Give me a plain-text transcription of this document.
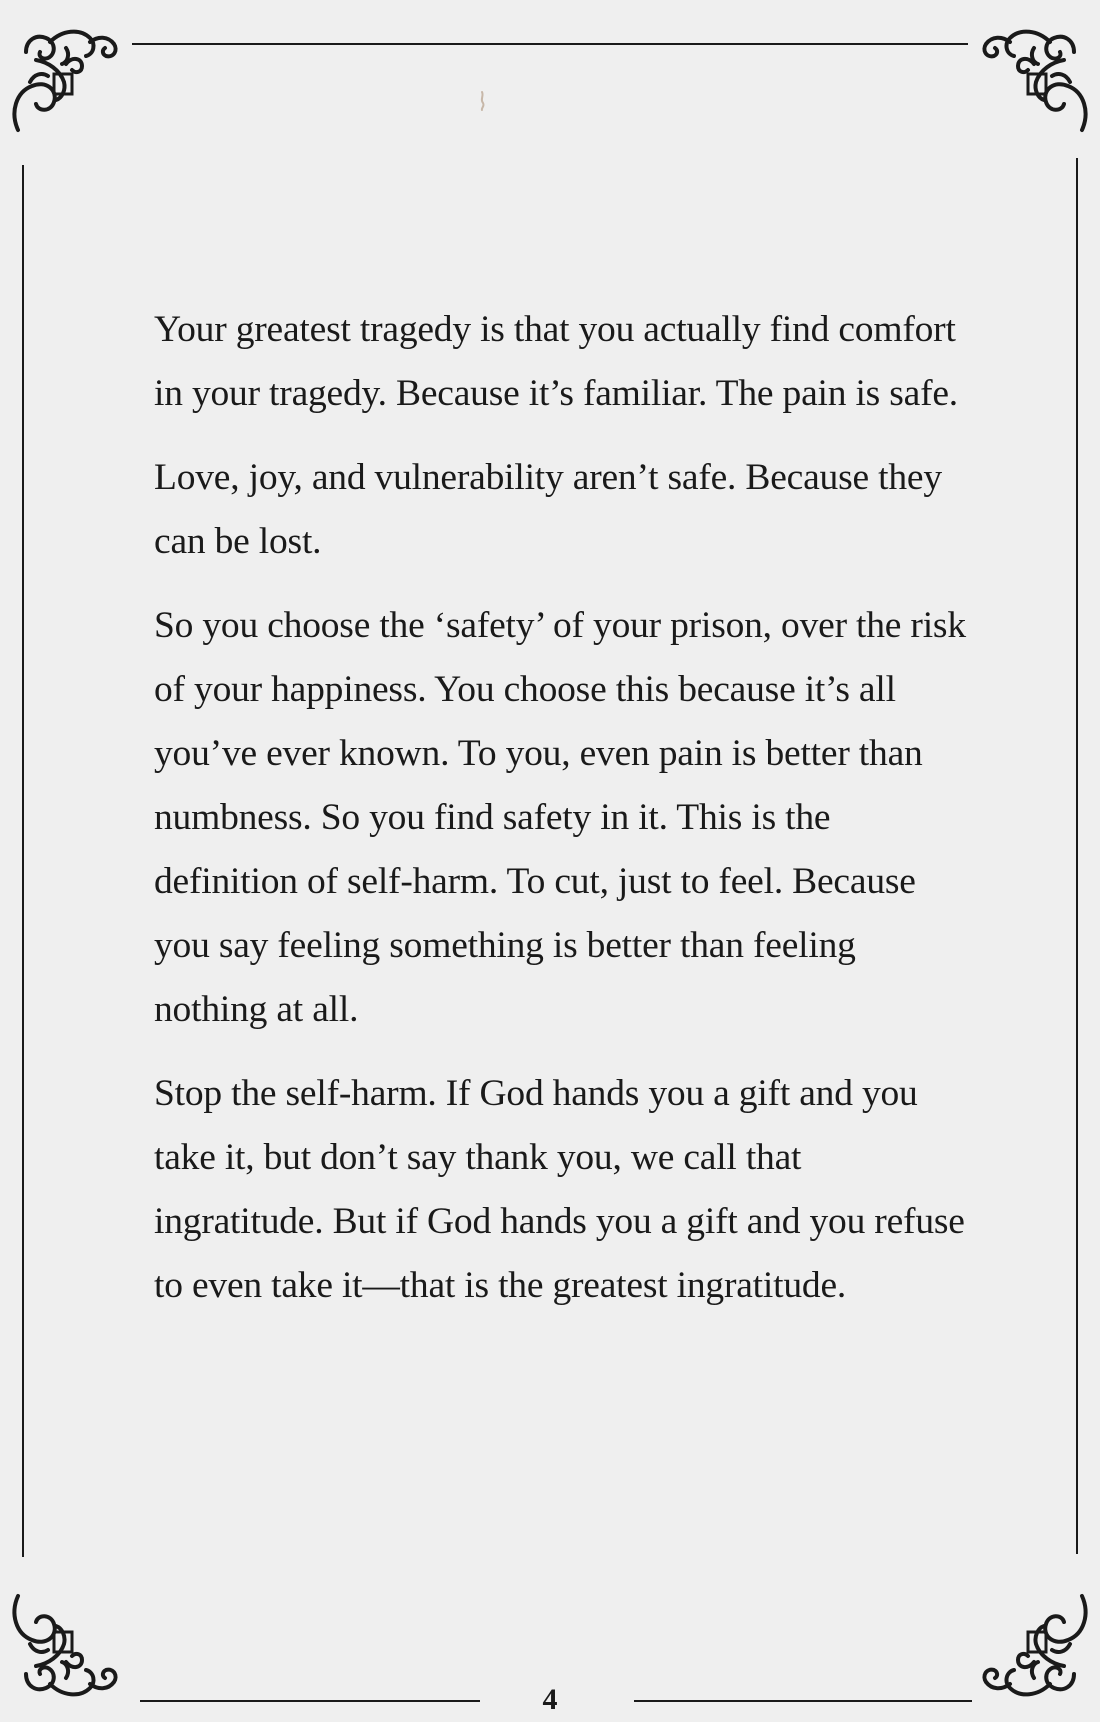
Your greatest tragedy is that you actually find comfort in your tragedy. Because it’s familiar. The pain is safe.

Love, joy, and vulnerability aren’t safe. Because they can be lost.

So you choose the ‘safety’ of your prison, over the risk of your happiness. You choose this because it’s all you’ve ever known. To you, even pain is better than numbness. So you find safety in it. This is the definition of self-harm. To cut, just to feel. Because you say feeling something is better than feeling nothing at all.

Stop the self-harm. If God hands you a gift and you take it, but don’t say thank you, we call that ingratitude. But if God hands you a gift and you refuse to even take it—that is the greatest ingratitude.

4
